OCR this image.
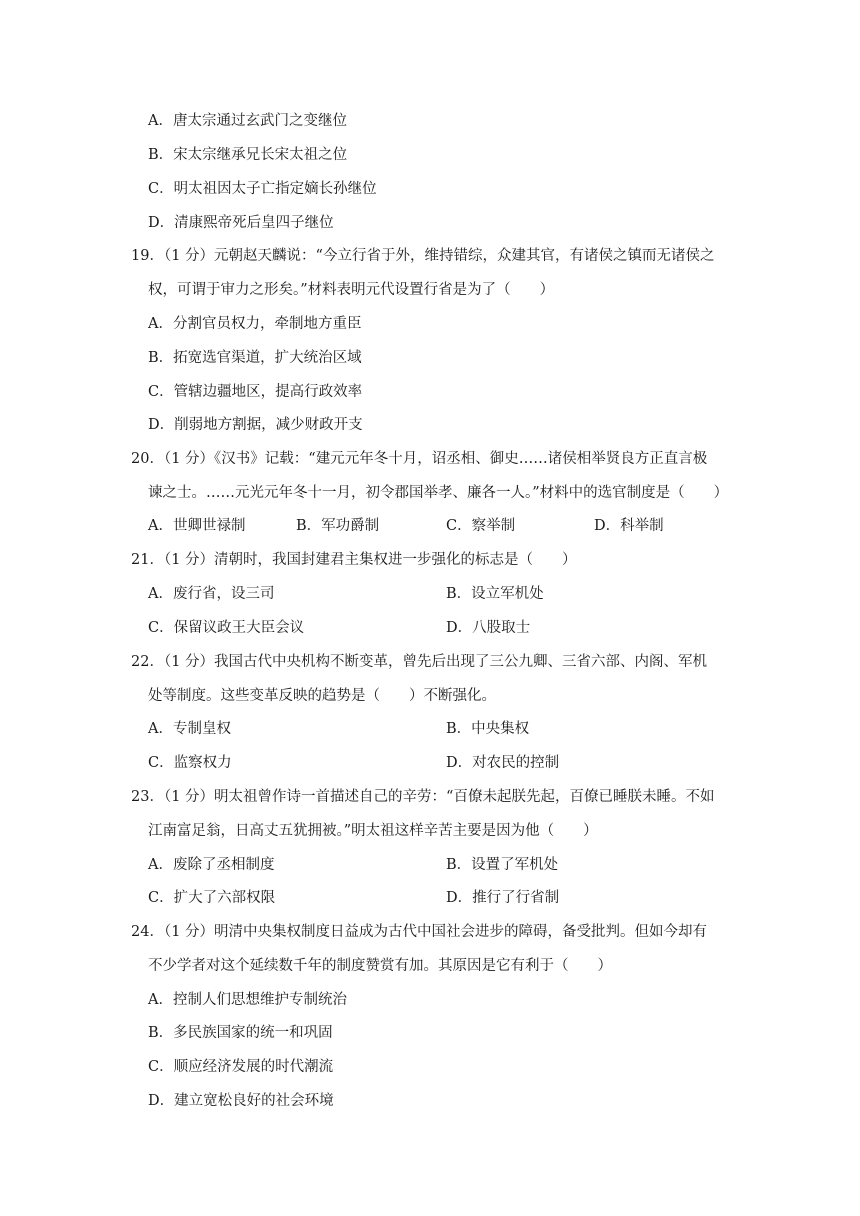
A．唐太宗通过玄武门之变继位
B．宋太宗继承兄长宋太祖之位
C．明太祖因太子亡指定嫡长孙继位
D．清康熙帝死后皇四子继位
19．（1 分）元朝赵天麟说：“今立行省于外，维持错综，众建其官，有诸侯之镇而无诸侯之
权，可谓于审力之形矣。”材料表明元代设置行省是为了（　　）
A．分割官员权力，牵制地方重臣
B．拓宽选官渠道，扩大统治区域
C．管辖边疆地区，提高行政效率
D．削弱地方割据，减少财政开支
20．（1 分）《汉书》记载：“建元元年冬十月，诏丞相、御史……诸侯相举贤良方正直言极
谏之士。……元光元年冬十一月，初令郡国举孝、廉各一人。”材料中的选官制度是（　　）
A．世卿世禄制	B．军功爵制	C．察举制	D．科举制
21．（1 分）清朝时，我国封建君主集权进一步强化的标志是（　　）
A．废行省，设三司	B．设立军机处
C．保留议政王大臣会议	D．八股取士
22．（1 分）我国古代中央机构不断变革，曾先后出现了三公九卿、三省六部、内阁、军机
处等制度。这些变革反映的趋势是（　　）不断强化。
A．专制皇权	B．中央集权
C．监察权力	D．对农民的控制
23．（1 分）明太祖曾作诗一首描述自己的辛劳：“百僚未起朕先起，百僚已睡朕未睡。不如
江南富足翁，日高丈五犹拥被。”明太祖这样辛苦主要是因为他（　　）
A．废除了丞相制度	B．设置了军机处
C．扩大了六部权限	D．推行了行省制
24．（1 分）明清中央集权制度日益成为古代中国社会进步的障碍，备受批判。但如今却有
不少学者对这个延续数千年的制度赞赏有加。其原因是它有利于（　　）
A．控制人们思想维护专制统治
B．多民族国家的统一和巩固
C．顺应经济发展的时代潮流
D．建立宽松良好的社会环境
